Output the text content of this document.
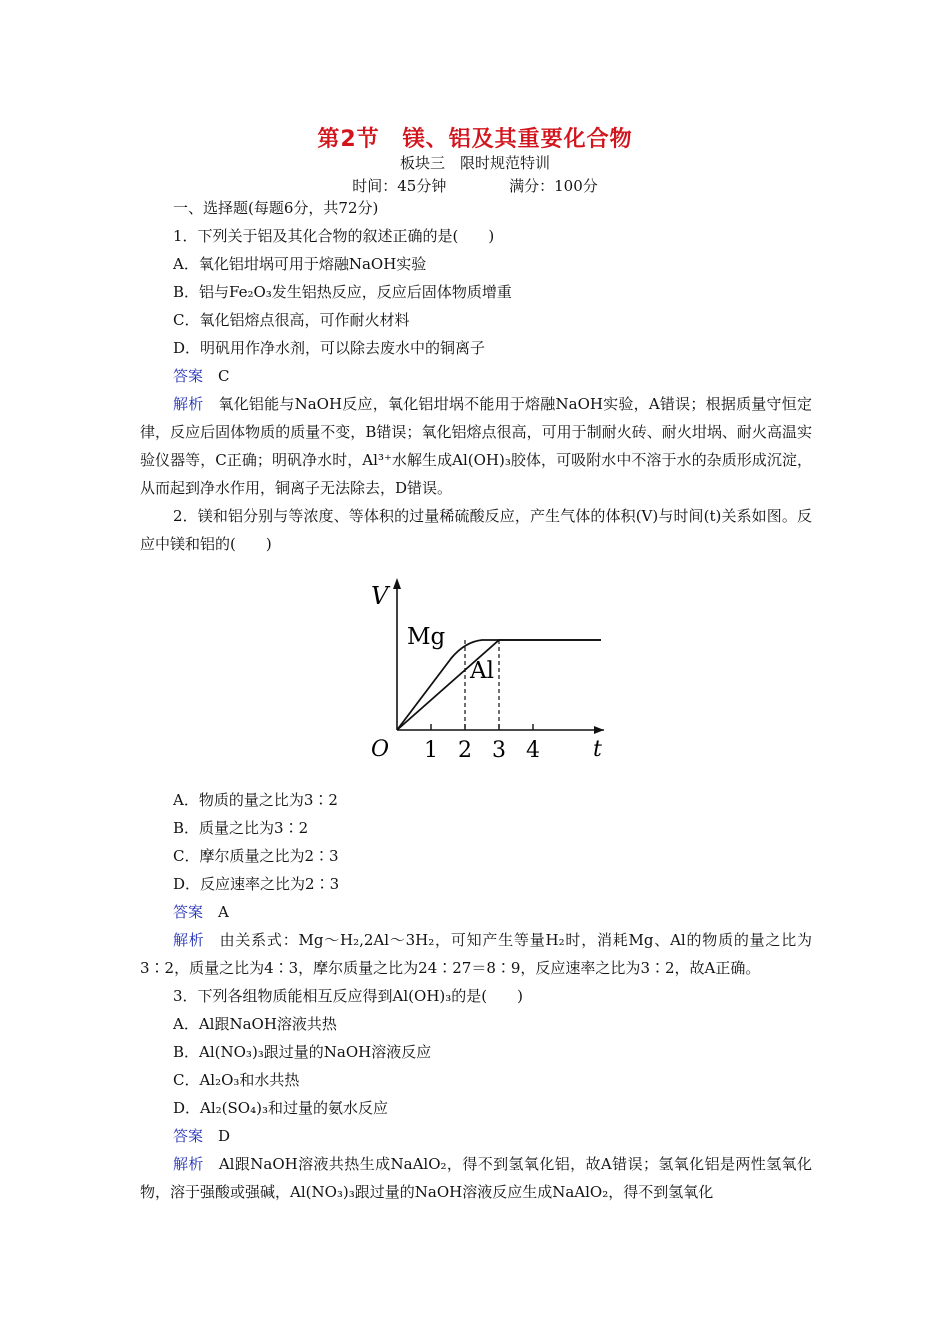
第2节　镁、铝及其重要化合物
板块三　限时规范特训
时间：45分钟	满分：100分

一、选择题(每题6分，共72分)

1．下列关于铝及其化合物的叙述正确的是(　　)

A．氧化铝坩埚可用于熔融NaOH实验

B．铝与Fe₂O₃发生铝热反应，反应后固体物质增重

C．氧化铝熔点很高，可作耐火材料

D．明矾用作净水剂，可以除去废水中的铜离子

答案 C

解析 氧化铝能与NaOH反应，氧化铝坩埚不能用于熔融NaOH实验，A错误；根据质量守恒定律，反应后固体物质的质量不变，B错误；氧化铝熔点很高，可用于制耐火砖、耐火坩埚、耐火高温实验仪器等，C正确；明矾净水时，Al³⁺水解生成Al(OH)₃胶体，可吸附水中不溶于水的杂质形成沉淀，从而起到净水作用，铜离子无法除去，D错误。

2．镁和铝分别与等浓度、等体积的过量稀硫酸反应，产生气体的体积(V)与时间(t)关系如图。反应中镁和铝的(　　)

V
t
O 1 2 3 4
Mg
Al

A．物质的量之比为3∶2

B．质量之比为3∶2

C．摩尔质量之比为2∶3

D．反应速率之比为2∶3

答案 A

解析 由关系式：Mg～H₂,2Al～3H₂，可知产生等量H₂时，消耗Mg、Al的物质的量之比为3∶2，质量之比为4∶3，摩尔质量之比为24∶27＝8∶9，反应速率之比为3∶2，故A正确。

3．下列各组物质能相互反应得到Al(OH)₃的是(　　)

A．Al跟NaOH溶液共热

B．Al(NO₃)₃跟过量的NaOH溶液反应

C．Al₂O₃和水共热

D．Al₂(SO₄)₃和过量的氨水反应

答案 D

解析 Al跟NaOH溶液共热生成NaAlO₂，得不到氢氧化铝，故A错误；氢氧化铝是两性氢氧化物，溶于强酸或强碱，Al(NO₃)₃跟过量的NaOH溶液反应生成NaAlO₂，得不到氢氧化
